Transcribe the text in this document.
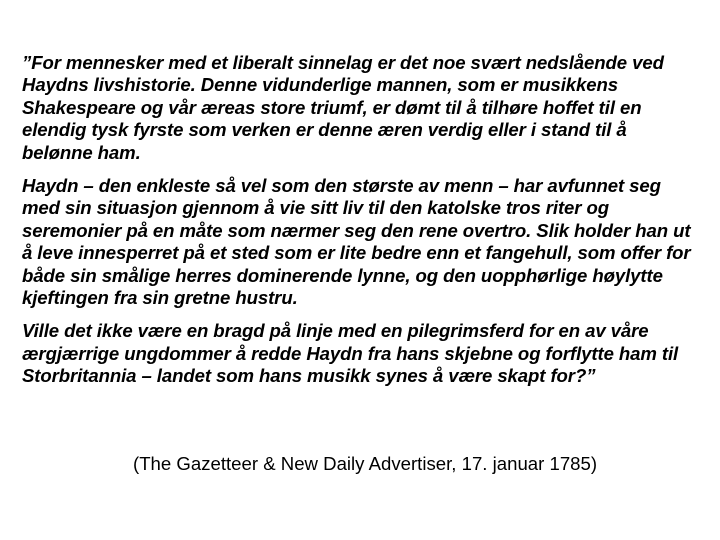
”For mennesker med et liberalt sinnelag er det noe svært nedslående ved Haydns livshistorie. Denne vidunderlige mannen, som er musikkens Shakespeare og vår æreas store triumf, er dømt til å tilhøre hoffet til en elendig tysk fyrste som verken er denne æren verdig eller i stand til å belønne ham.

Haydn – den enkleste så vel som den største av menn – har avfunnet seg med sin situasjon gjennom å vie sitt liv til den katolske tros riter og seremonier på en måte som nærmer seg den rene overtro. Slik holder han ut å leve innesperret på et sted som er lite bedre enn et fangehull, som offer for både sin smålige herres dominerende lynne, og den uopphørlige høylytte kjeftingen fra sin gretne hustru.

Ville det ikke være en bragd på linje med en pilegrimsferd for en av våre ærgjærrige ungdommer å redde Haydn fra hans skjebne og forflytte ham til Storbritannia – landet som hans musikk synes å være skapt for?”

(The Gazetteer & New Daily Advertiser, 17. januar 1785)
